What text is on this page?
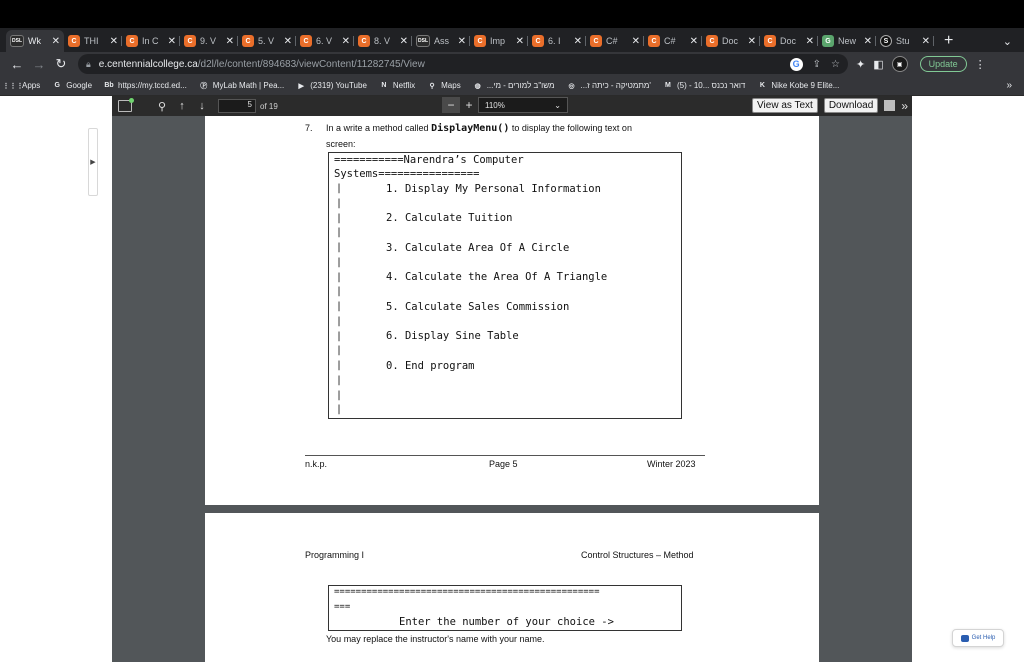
DSL Wk	✕	C THI	✕	C In C ✕	C 9. V ✕	C 5. V ✕	C 6. V ✕	C 8. V ✕	DSL Ass ✕	C Imp	✕	C 6. I	✕	C C#	✕	C C#	✕	C Doc ✕	C Doc ✕	G New ✕	S Stu	✕ +	⌄
← → ↻	🔒︎ e.centennialcollege.ca /d2l/le/content/894683/viewContent/11282745/View	G	⇪ ☆ ✦ ◧	▣	Update	⋮
⋮⋮⋮
Apps	G Google Bb https://my.tccd.ed... Ⓟ MyLab Math | Pea...	▶ (2319) YouTube	N Netflix	⚲ Maps ◍ ...משו"ב למורים - מי ◎ ...מתמטיקה - כיתה ז' M (5) - 10... דואר נכנס	K Nike Kobe 9 Elite...	»
▶
⚲	↑	↓	5	of 19	− +	110%	⌄	View as Text	Download	»
7. In a write a method called DisplayMenu() to display the following text on
screen:
===========Narendra’s Computer
Systems================
|
|
|
|
|
|
|
|
|
|
|
|
|
|
|
|
1. Display My Personal Information
2. Calculate Tuition
3. Calculate Area Of A Circle
4. Calculate the Area Of A Triangle
5. Calculate Sales Commission
6. Display Sine Table
0. End program
n.k.p.	Page 5	Winter 2023
Programming I	Control Structures – Method
=================================================
===
Enter the number of your choice ->
You may replace the instructor's name with your name.	Get Help
